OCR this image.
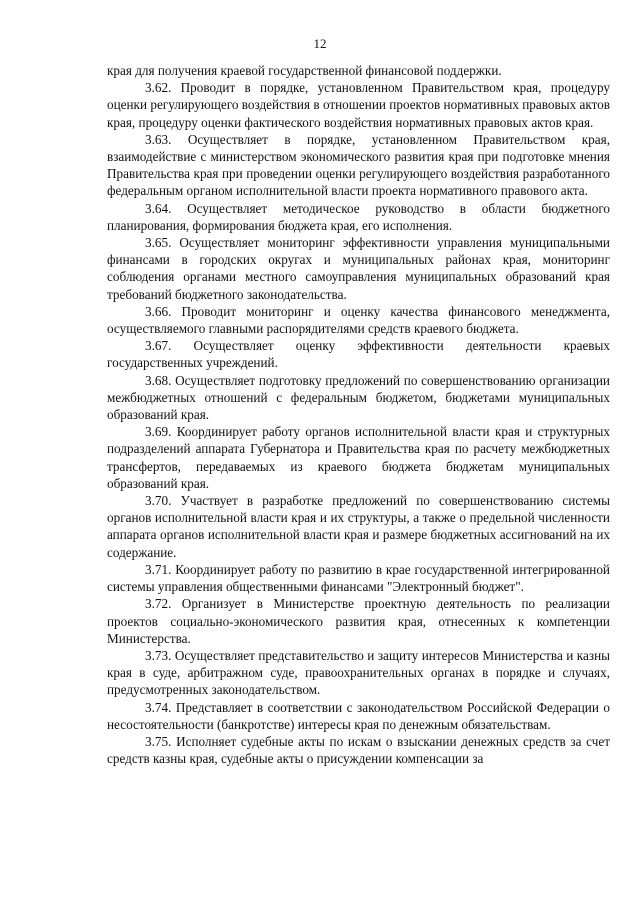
12

края для получения краевой государственной финансовой поддержки.

3.62. Проводит в порядке, установленном Правительством края, процедуру оценки регулирующего воздействия в отношении проектов нормативных правовых актов края, процедуру оценки фактического воздействия нормативных правовых актов края.

3.63. Осуществляет в порядке, установленном Правительством края, взаимодействие с министерством экономического развития края при подготовке мнения Правительства края при проведении оценки регулирующего воздействия разработанного федеральным органом исполнительной власти проекта нормативного правового акта.

3.64. Осуществляет методическое руководство в области бюджетного планирования, формирования бюджета края, его исполнения.

3.65. Осуществляет мониторинг эффективности управления муниципальными финансами в городских округах и муниципальных районах края, мониторинг соблюдения органами местного самоуправления муниципальных образований края требований бюджетного законодательства.

3.66. Проводит мониторинг и оценку качества финансового менеджмента, осуществляемого главными распорядителями средств краевого бюджета.

3.67. Осуществляет оценку эффективности деятельности краевых государственных учреждений.

3.68. Осуществляет подготовку предложений по совершенствованию организации межбюджетных отношений с федеральным бюджетом, бюджетами муниципальных образований края.

3.69. Координирует работу органов исполнительной власти края и структурных подразделений аппарата Губернатора и Правительства края по расчету межбюджетных трансфертов, передаваемых из краевого бюджета бюджетам муниципальных образований края.

3.70. Участвует в разработке предложений по совершенствованию системы органов исполнительной власти края и их структуры, а также о предельной численности аппарата органов исполнительной власти края и размере бюджетных ассигнований на их содержание.

3.71. Координирует работу по развитию в крае государственной интегрированной системы управления общественными финансами "Электронный бюджет".

3.72. Организует в Министерстве проектную деятельность по реализации проектов социально-экономического развития края, отнесенных к компетенции Министерства.

3.73. Осуществляет представительство и защиту интересов Министерства и казны края в суде, арбитражном суде, правоохранительных органах в порядке и случаях, предусмотренных законодательством.

3.74. Представляет в соответствии с законодательством Российской Федерации о несостоятельности (банкротстве) интересы края по денежным обязательствам.

3.75. Исполняет судебные акты по искам о взыскании денежных средств за счет средств казны края, судебные акты о присуждении компенсации за
